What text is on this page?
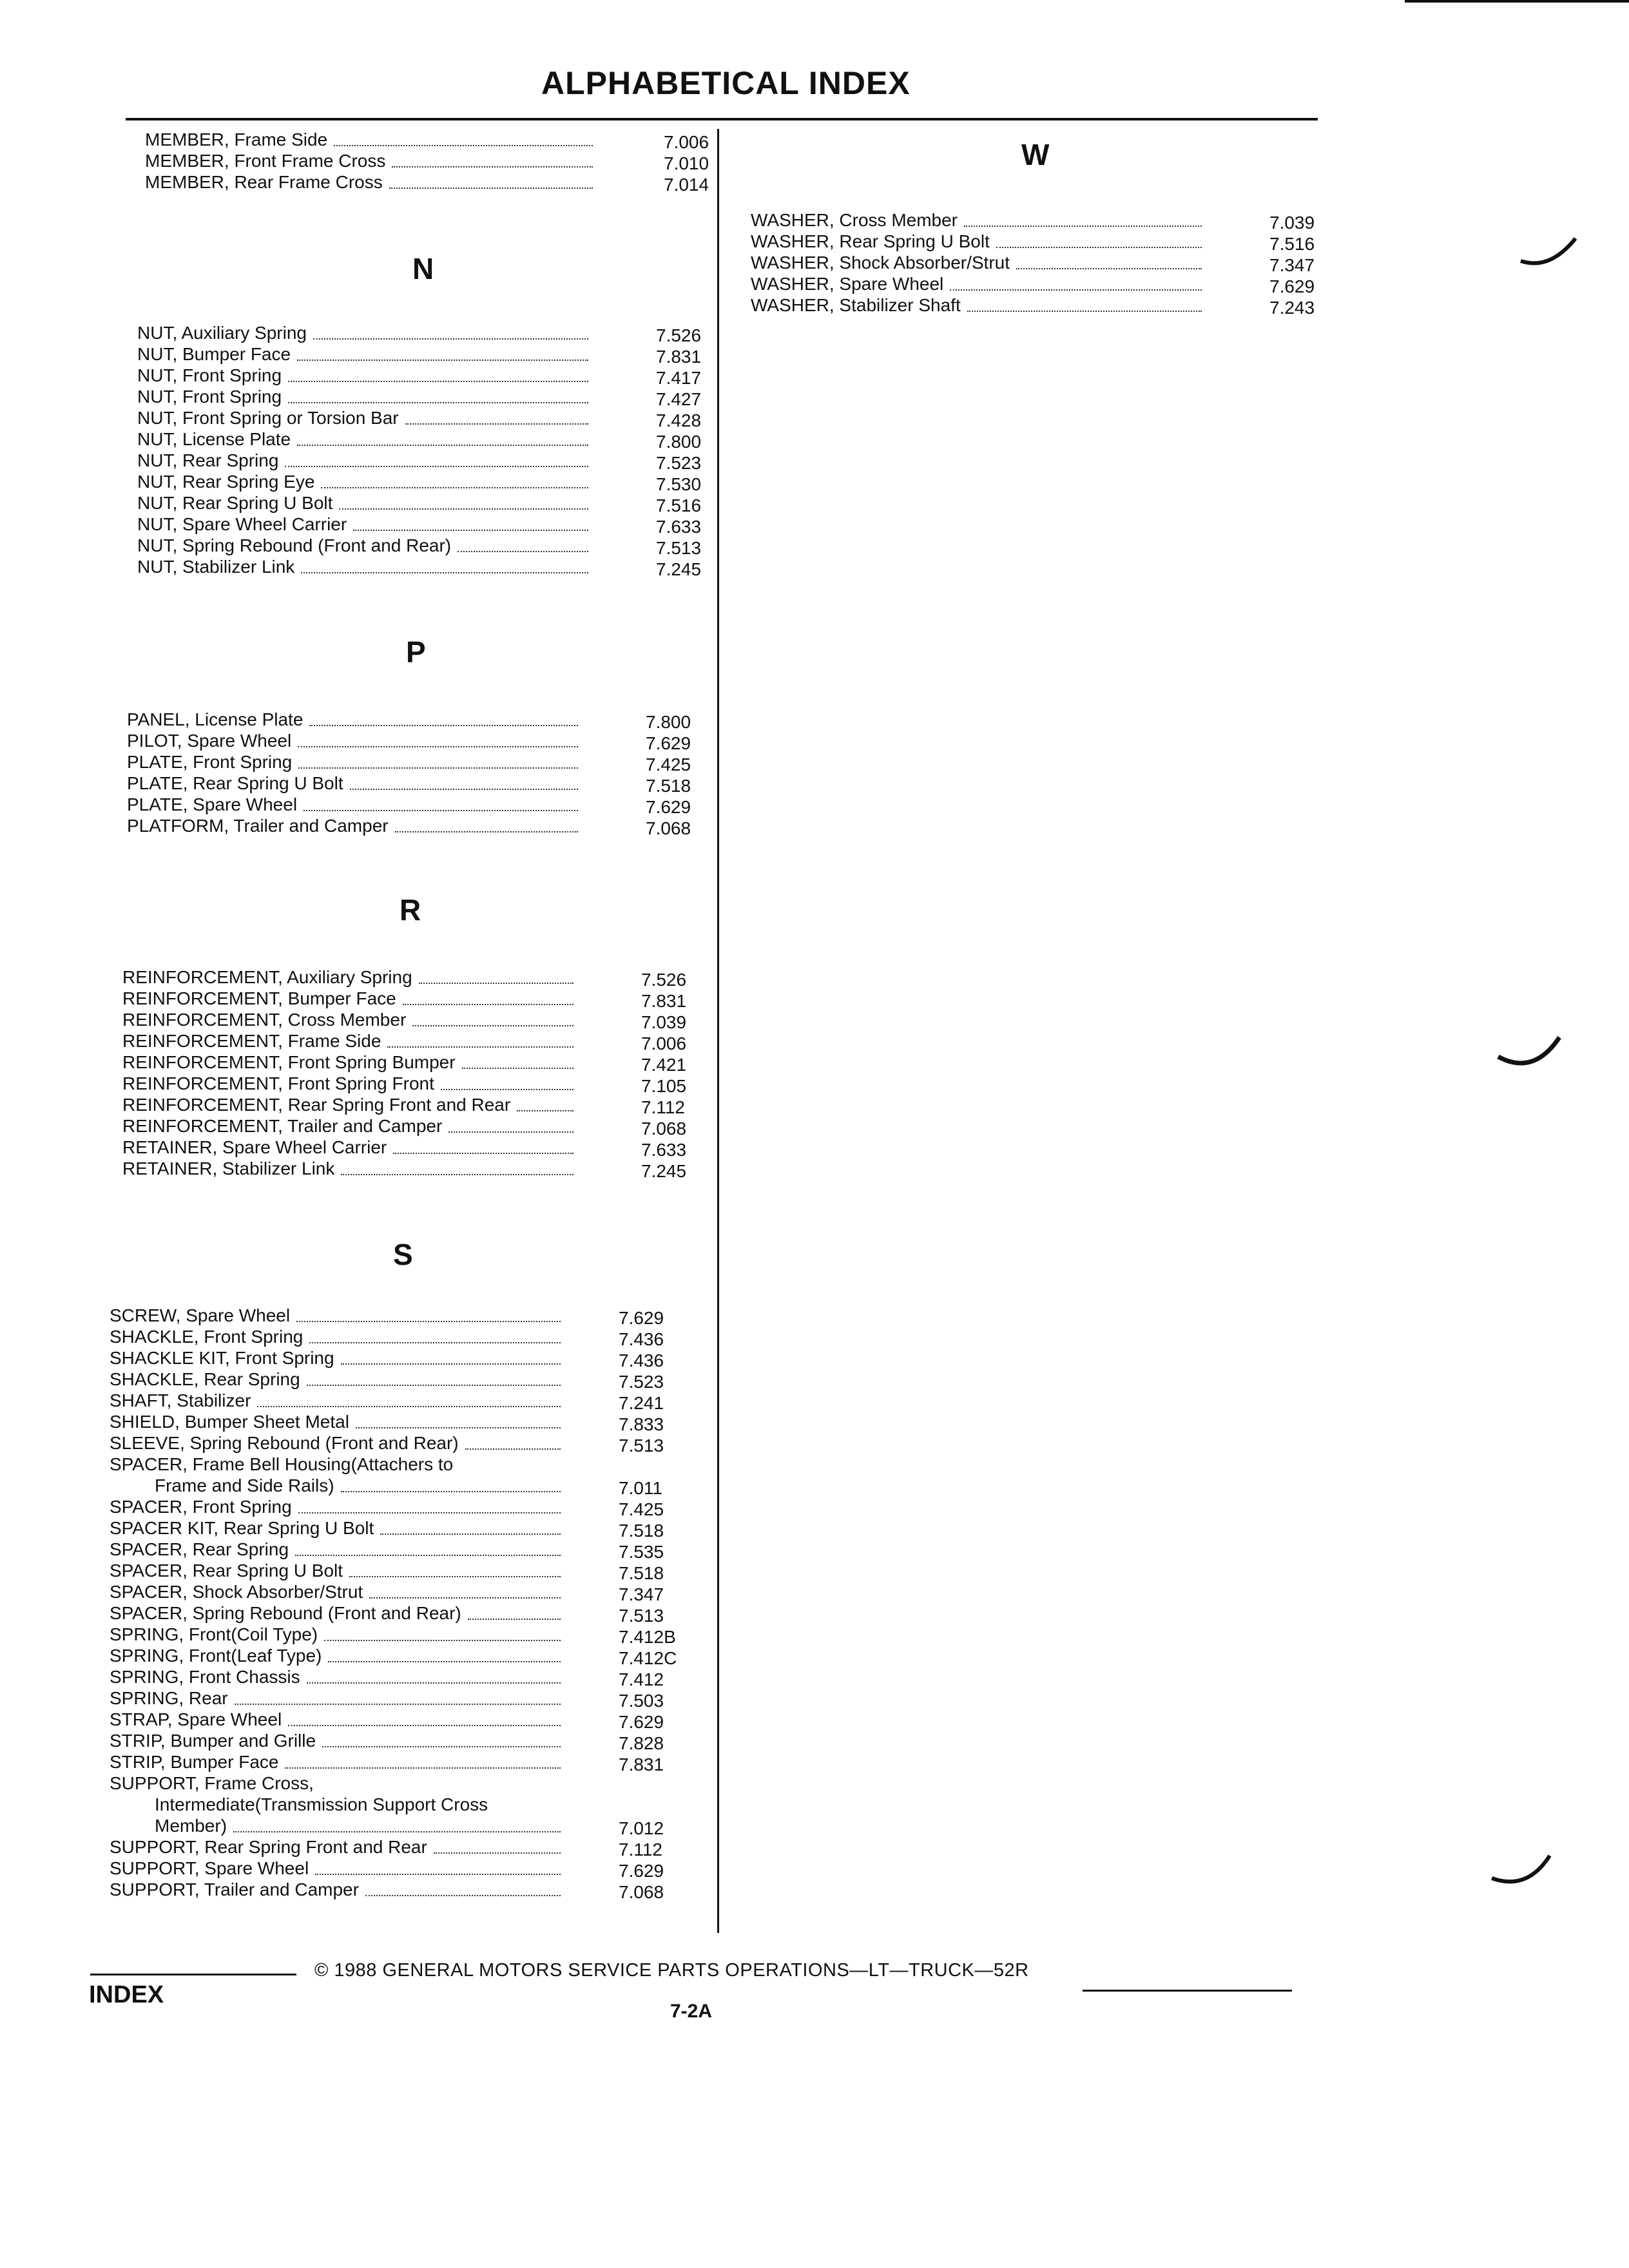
ALPHABETICAL INDEX
MEMBER, Frame Side	7.006
MEMBER, Front Frame Cross	7.010
MEMBER, Rear Frame Cross	7.014
N
NUT, Auxiliary Spring	7.526
NUT, Bumper Face	7.831
NUT, Front Spring	7.417
NUT, Front Spring	7.427
NUT, Front Spring or Torsion Bar	7.428
NUT, License Plate	7.800
NUT, Rear Spring	7.523
NUT, Rear Spring Eye	7.530
NUT, Rear Spring U Bolt	7.516
NUT, Spare Wheel Carrier	7.633
NUT, Spring Rebound (Front and Rear)	7.513
NUT, Stabilizer Link	7.245
P
PANEL, License Plate	7.800
PILOT, Spare Wheel	7.629
PLATE, Front Spring	7.425
PLATE, Rear Spring U Bolt	7.518
PLATE, Spare Wheel	7.629
PLATFORM, Trailer and Camper	7.068
R
REINFORCEMENT, Auxiliary Spring	7.526
REINFORCEMENT, Bumper Face	7.831
REINFORCEMENT, Cross Member	7.039
REINFORCEMENT, Frame Side	7.006
REINFORCEMENT, Front Spring Bumper	7.421
REINFORCEMENT, Front Spring Front	7.105
REINFORCEMENT, Rear Spring Front and Rear	7.112
REINFORCEMENT, Trailer and Camper	7.068
RETAINER, Spare Wheel Carrier	7.633
RETAINER, Stabilizer Link	7.245
S
SCREW, Spare Wheel	7.629
SHACKLE, Front Spring	7.436
SHACKLE KIT, Front Spring	7.436
SHACKLE, Rear Spring	7.523
SHAFT, Stabilizer	7.241
SHIELD, Bumper Sheet Metal	7.833
SLEEVE, Spring Rebound (Front and Rear)	7.513
SPACER, Frame Bell Housing(Attachers to
Frame and Side Rails)	7.011
SPACER, Front Spring	7.425
SPACER KIT, Rear Spring U Bolt	7.518
SPACER, Rear Spring	7.535
SPACER, Rear Spring U Bolt	7.518
SPACER, Shock Absorber/Strut	7.347
SPACER, Spring Rebound (Front and Rear)	7.513
SPRING, Front(Coil Type)	7.412B
SPRING, Front(Leaf Type)	7.412C
SPRING, Front Chassis	7.412
SPRING, Rear	7.503
STRAP, Spare Wheel	7.629
STRIP, Bumper and Grille	7.828
STRIP, Bumper Face	7.831
SUPPORT, Frame Cross,
Intermediate(Transmission Support Cross
Member)	7.012
SUPPORT, Rear Spring Front and Rear	7.112
SUPPORT, Spare Wheel	7.629
SUPPORT, Trailer and Camper	7.068
W
WASHER, Cross Member	7.039
WASHER, Rear Spring U Bolt	7.516
WASHER, Shock Absorber/Strut	7.347
WASHER, Spare Wheel	7.629
WASHER, Stabilizer Shaft	7.243
© 1988 GENERAL MOTORS SERVICE PARTS OPERATIONS—LT—TRUCK—52R
INDEX
7-2A
